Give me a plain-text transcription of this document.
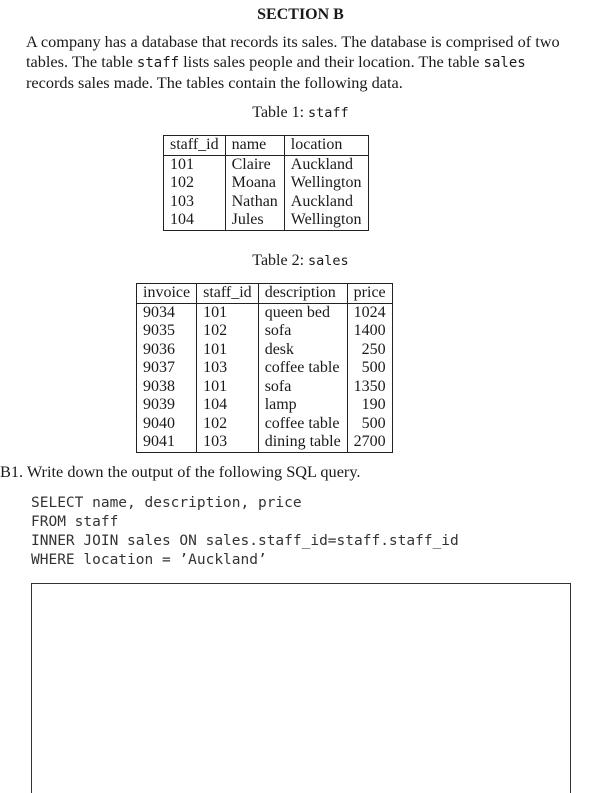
SECTION B

A company has a database that records its sales. The database is comprised of two tables. The table staff lists sales people and their location. The table sales records sales made. The tables contain the following data.

Table 1: staff
staff_id	name	location
101	Claire	Auckland
102	Moana	Wellington
103	Nathan	Auckland
104	Jules	Wellington
Table 2: sales
invoice	staff_id	description	price
9034	101	queen bed	1024
9035	102	sofa	1400
9036	101	desk	250
9037	103	coffee table	500
9038	101	sofa	1350
9039	104	lamp	190
9040	102	coffee table	500
9041	103	dining table	2700
B1. Write down the output of the following SQL query.
SELECT name, description, price
FROM staff
INNER JOIN sales ON sales.staff_id=staff.staff_id
WHERE location = ’Auckland’
